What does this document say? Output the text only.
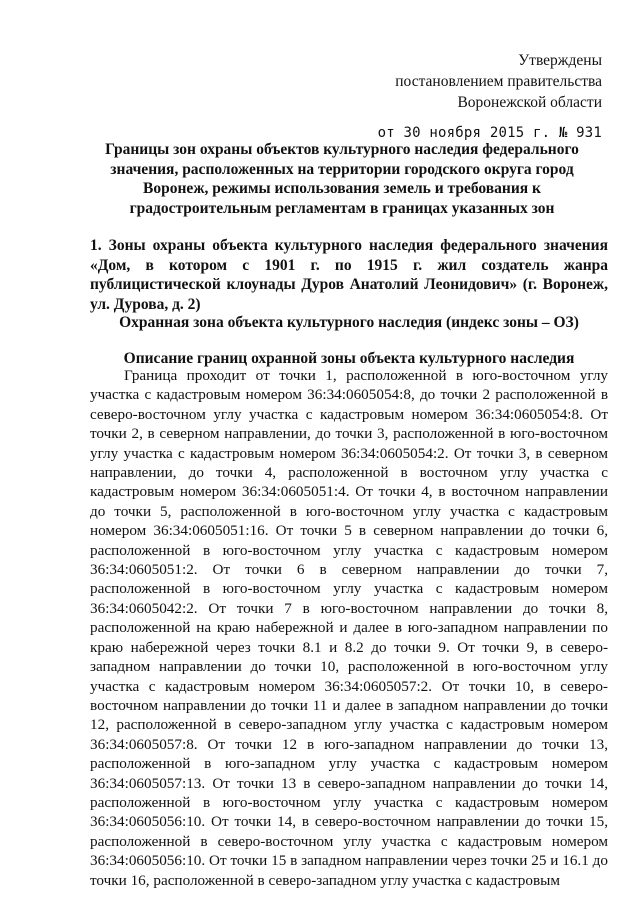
Утверждены
постановлением правительства
Воронежской области
от 30 ноября 2015 г. № 931
Границы зон охраны объектов культурного наследия федерального значения, расположенных на территории городского округа город Воронеж, режимы использования земель и требования к градостроительным регламентам в границах указанных зон
1. Зоны охраны объекта культурного наследия федерального значения «Дом, в котором с 1901 г. по 1915 г. жил создатель жанра публицистической клоунады Дуров Анатолий Леонидович» (г. Воронеж, ул. Дурова, д. 2)
Охранная зона объекта культурного наследия (индекс зоны – ОЗ)
Описание границ охранной зоны объекта культурного наследия
Граница проходит от точки 1, расположенной в юго-восточном углу участка с кадастровым номером 36:34:0605054:8, до точки 2 расположенной в северо-восточном углу участка с кадастровым номером 36:34:0605054:8. От точки 2, в северном направлении, до точки 3, расположенной в юго-восточном углу участка с кадастровым номером 36:34:0605054:2. От точки 3, в северном направлении, до точки 4, расположенной в восточном углу участка с кадастровым номером 36:34:0605051:4. От точки 4, в восточном направлении до точки 5, расположенной в юго-восточном углу участка с кадастровым номером 36:34:0605051:16. От точки 5 в северном направлении до точки 6, расположенной в юго-восточном углу участка с кадастровым номером 36:34:0605051:2. От точки 6 в северном направлении до точки 7, расположенной в юго-восточном углу участка с кадастровым номером 36:34:0605042:2. От точки 7 в юго-восточном направлении до точки 8, расположенной на краю набережной и далее в юго-западном направлении по краю набережной через точки 8.1 и 8.2 до точки 9. От точки 9, в северо-западном направлении до точки 10, расположенной в юго-восточном углу участка с кадастровым номером 36:34:0605057:2. От точки 10, в северо-восточном направлении до точки 11 и далее в западном направлении до точки 12, расположенной в северо-западном углу участка с кадастровым номером 36:34:0605057:8. От точки 12 в юго-западном направлении до точки 13, расположенной в юго-западном углу участка с кадастровым номером 36:34:0605057:13. От точки 13 в северо-западном направлении до точки 14, расположенной в юго-восточном углу участка с кадастровым номером 36:34:0605056:10. От точки 14, в северо-восточном направлении до точки 15, расположенной в северо-восточном углу участка с кадастровым номером 36:34:0605056:10. От точки 15 в западном направлении через точки 25 и 16.1 до точки 16, расположенной в северо-западном углу участка с кадастровым
